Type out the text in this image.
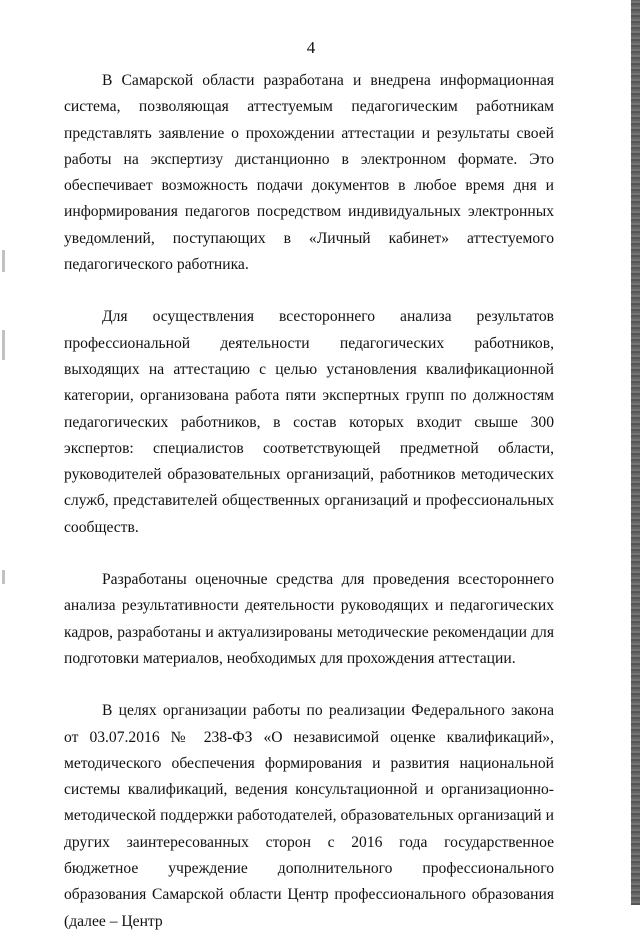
4

В Самарской области разработана и внедрена информационная система, позволяющая аттестуемым педагогическим работникам представлять заявление о прохождении аттестации и результаты своей работы на экспертизу дистанционно в электронном формате. Это обеспечивает возможность подачи документов в любое время дня и информирования педагогов посредством индивидуальных электронных уведомлений, поступающих в «Личный кабинет» аттестуемого педагогического работника.

Для осуществления всестороннего анализа результатов профессиональной деятельности педагогических работников, выходящих на аттестацию с целью установления квалификационной категории, организована работа пяти экспертных групп по должностям педагогических работников, в состав которых входит свыше 300 экспертов: специалистов соответствующей предметной области, руководителей образовательных организаций, работников методических служб, представителей общественных организаций и профессиональных сообществ.

Разработаны оценочные средства для проведения всестороннего анализа результативности деятельности руководящих и педагогических кадров, разработаны и актуализированы методические рекомендации для подготовки материалов, необходимых для прохождения аттестации.

В целях организации работы по реализации Федерального закона от 03.07.2016 № 238-ФЗ «О независимой оценке квалификаций», методического обеспечения формирования и развития национальной системы квалификаций, ведения консультационной и организационно-методической поддержки работодателей, образовательных организаций и других заинтересованных сторон с 2016 года государственное бюджетное учреждение дополнительного профессионального образования Самарской области Центр профессионального образования (далее – Центр
